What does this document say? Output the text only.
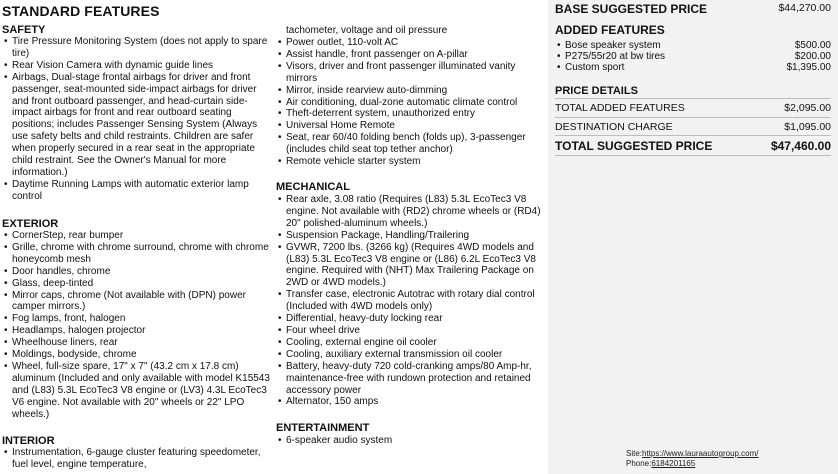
STANDARD FEATURES
SAFETY
• Tire Pressure Monitoring System (does not apply to spare tire)
• Rear Vision Camera with dynamic guide lines
• Airbags, Dual-stage frontal airbags for driver and front passenger, seat-mounted side-impact airbags for driver and front outboard passenger, and head-curtain side-impact airbags for front and rear outboard seating positions; includes Passenger Sensing System (Always use safety belts and child restraints. Children are safer when properly secured in a rear seat in the appropriate child restraint. See the Owner's Manual for more information.)
• Daytime Running Lamps with automatic exterior lamp control
EXTERIOR
• CornerStep, rear bumper
• Grille, chrome with chrome surround, chrome with chrome honeycomb mesh
• Door handles, chrome
• Glass, deep-tinted
• Mirror caps, chrome (Not available with (DPN) power camper mirrors.)
• Fog lamps, front, halogen
• Headlamps, halogen projector
• Wheelhouse liners, rear
• Moldings, bodyside, chrome
• Wheel, full-size spare, 17" x 7" (43.2 cm x 17.8 cm) aluminum (Included and only available with model K15543 and (L83) 5.3L EcoTec3 V8 engine or (LV3) 4.3L EcoTec3 V6 engine. Not available with 20" wheels or 22" LPO wheels.)
INTERIOR
• Instrumentation, 6-gauge cluster featuring speedometer, fuel level, engine temperature,
tachometer, voltage and oil pressure
• Power outlet, 110-volt AC
• Assist handle, front passenger on A-pillar
• Visors, driver and front passenger illuminated vanity mirrors
• Mirror, inside rearview auto-dimming
• Air conditioning, dual-zone automatic climate control
• Theft-deterrent system, unauthorized entry
• Universal Home Remote
• Seat, rear 60/40 folding bench (folds up), 3-passenger (includes child seat top tether anchor)
• Remote vehicle starter system
MECHANICAL
• Rear axle, 3.08 ratio (Requires (L83) 5.3L EcoTec3 V8 engine. Not available with (RD2) chrome wheels or (RD4) 20" polished-aluminum wheels.)
• Suspension Package, Handling/Trailering
• GVWR, 7200 lbs. (3266 kg) (Requires 4WD models and (L83) 5.3L EcoTec3 V8 engine or (L86) 6.2L EcoTec3 V8 engine. Required with (NHT) Max Trailering Package on 2WD or 4WD models.)
• Transfer case, electronic Autotrac with rotary dial control (Included with 4WD models only)
• Differential, heavy-duty locking rear
• Four wheel drive
• Cooling, external engine oil cooler
• Cooling, auxiliary external transmission oil cooler
• Battery, heavy-duty 720 cold-cranking amps/80 Amp-hr, maintenance-free with rundown protection and retained accessory power
• Alternator, 150 amps
ENTERTAINMENT
• 6-speaker audio system
BASE SUGGESTED PRICE	$44,270.00
ADDED FEATURES
• Bose speaker system	$500.00
• P275/55r20 at bw tires	$200.00
• Custom sport	$1,395.00
PRICE DETAILS
TOTAL ADDED FEATURES	$2,095.00
DESTINATION CHARGE	$1,095.00
TOTAL SUGGESTED PRICE	$47,460.00
Site:https://www.lauraautogroup.com/
Phone:6184201165
